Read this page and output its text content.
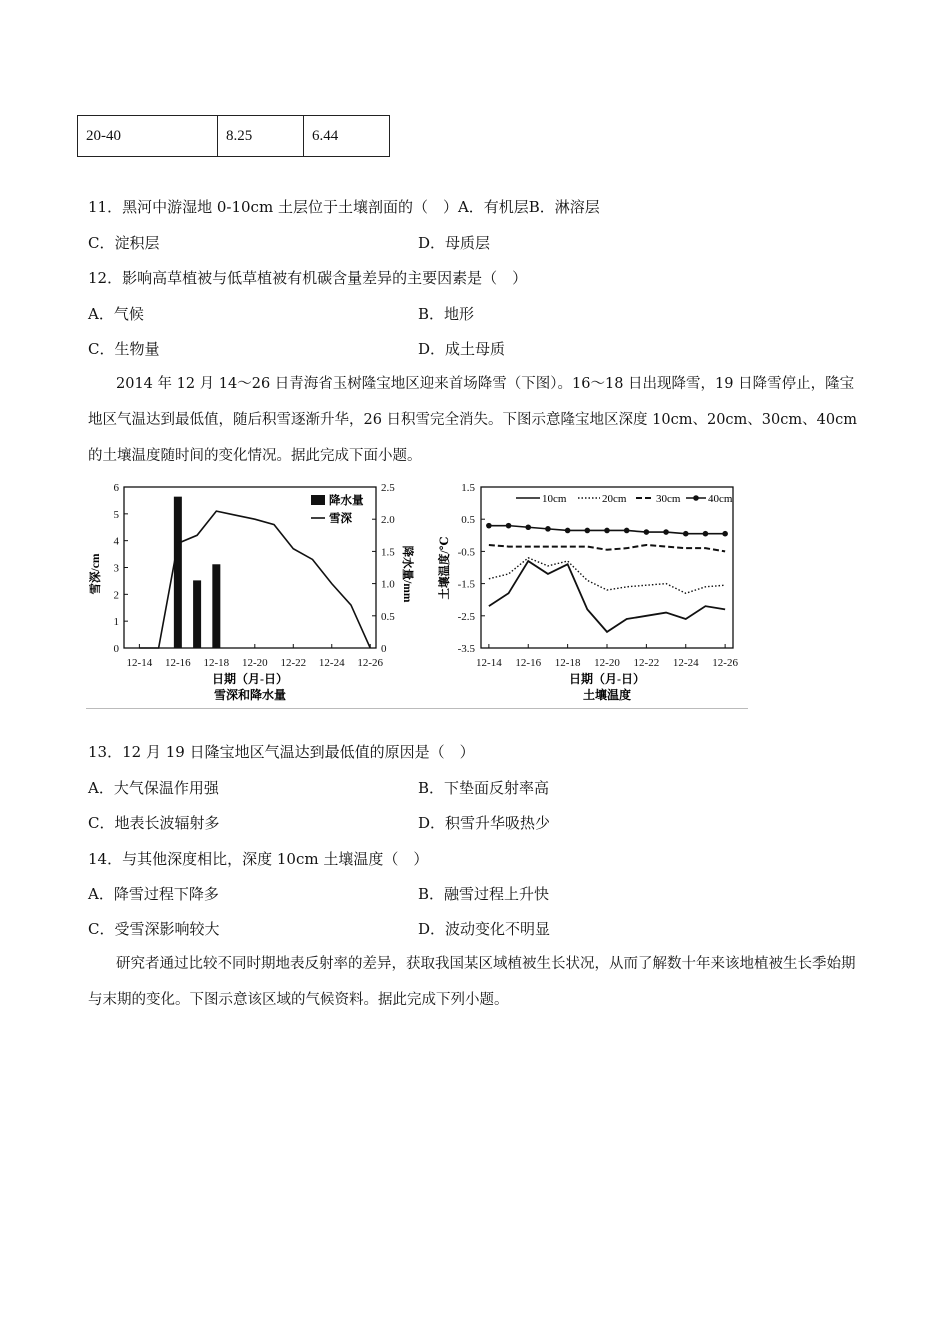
20-40	8.25	6.44
11．黑河中游湿地 0-10cm 土层位于土壤剖面的（　）A．有机层B．淋溶层
C．淀积层	D．母质层
12．影响高草植被与低草植被有机碳含量差异的主要因素是（　）
A．气候	B．地形
C．生物量	D．成土母质
2014 年 12 月 14～26 日青海省玉树隆宝地区迎来首场降雪（下图）。16～18 日出现降雪，19 日降雪停止，隆宝地区气温达到最低值，随后积雪逐渐升华，26 日积雪完全消失。下图示意隆宝地区深度 10cm、20cm、30cm、40cm 的土壤温度随时间的变化情况。据此完成下面小题。
0
1
2
3
4
5
6
0
0.5
1.0
1.5
2.0
2.5
12-14 12-16 12-18 12-20 12-22 12-24 12-26
降水量
雪深
雪深/cm	降水量/mm
日期（月-日）
雪深和降水量
1.5
0.5
-0.5
-1.5
-2.5
-3.5
12-14 12-16 12-18 12-20 12-22 12-24 12-26
10cm	20cm	30cm	40cm
土壤温度/℃
日期（月-日）
土壤温度
13．12 月 19 日隆宝地区气温达到最低值的原因是（　）
A．大气保温作用强	B．下垫面反射率高
C．地表长波辐射多	D．积雪升华吸热少
14．与其他深度相比，深度 10cm 土壤温度（　）
A．降雪过程下降多	B．融雪过程上升快
C．受雪深影响较大	D．波动变化不明显
研究者通过比较不同时期地表反射率的差异，获取我国某区域植被生长状况，从而了解数十年来该地植被生长季始期与末期的变化。下图示意该区域的气候资料。据此完成下列小题。
